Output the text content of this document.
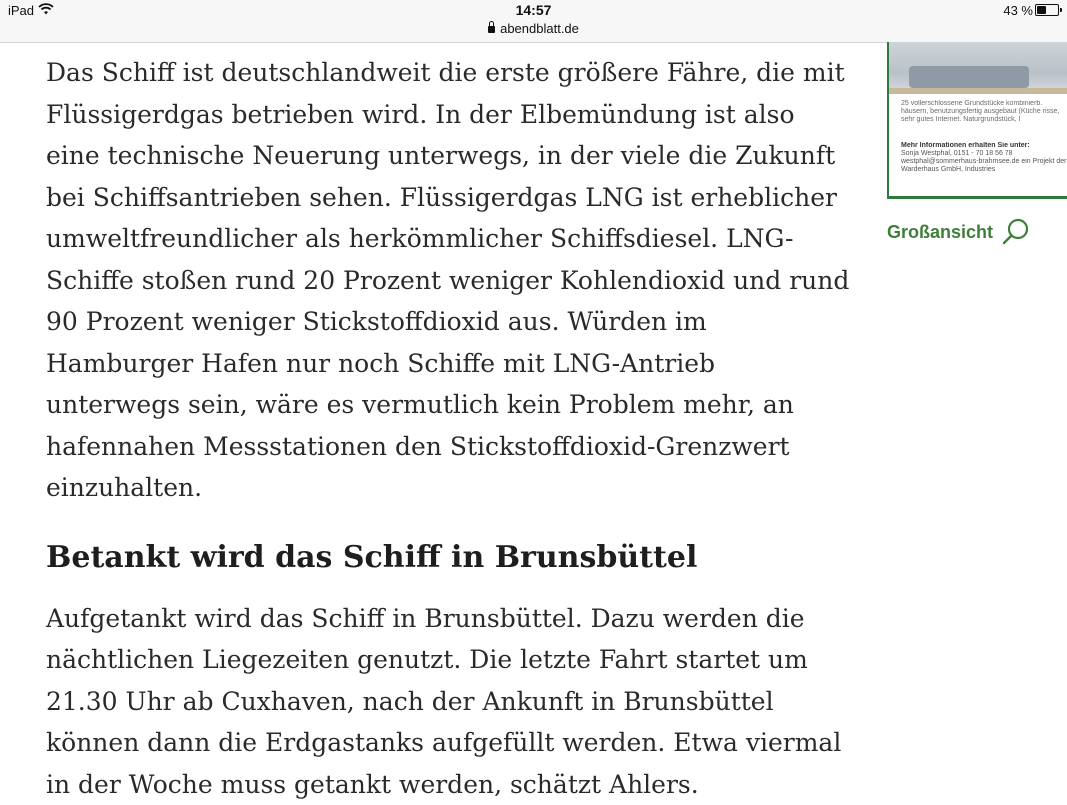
iPad	14:57
abendblatt.de
43 %

Das Schiff ist deutschlandweit die erste größere Fähre, die mit Flüssigerdgas betrieben wird. In der Elbemündung ist also eine technische Neuerung unterwegs, in der viele die Zukunft bei Schiffsantrieben sehen. Flüssigerdgas LNG ist erheblicher umweltfreundlicher als herkömmlicher Schiffsdiesel. LNG-Schiffe stoßen rund 20 Prozent weniger Kohlendioxid und rund 90 Prozent weniger Stickstoffdioxid aus. Würden im Hamburger Hafen nur noch Schiffe mit LNG-Antrieb unterwegs sein, wäre es vermutlich kein Problem mehr, an hafennahen Messstationen den Stickstoffdioxid-Grenzwert einzuhalten.

Betankt wird das Schiff in Brunsbüttel

Aufgetankt wird das Schiff in Brunsbüttel. Dazu werden die nächtlichen Liegezeiten genutzt. Die letzte Fahrt startet um 21.30 Uhr ab Cuxhaven, nach der Ankunft in Brunsbüttel können dann die Erdgastanks aufgefüllt werden. Etwa viermal in der Woche muss getankt werden, schätzt Ahlers.

25 vollerschlossene Grundstücke kombinierb. häusern, benutzungsfertig ausgebaut (Küche risse, sehr gutes Internet. Naturgrundstück, I
Mehr Informationen erhalten Sie unter:
Sonja Westphal, 0151 - 70 18 56 78 westphal@sommerhaus-brahmsee.de ein Projekt der Warderhaus GmbH, Industries
Großansicht
